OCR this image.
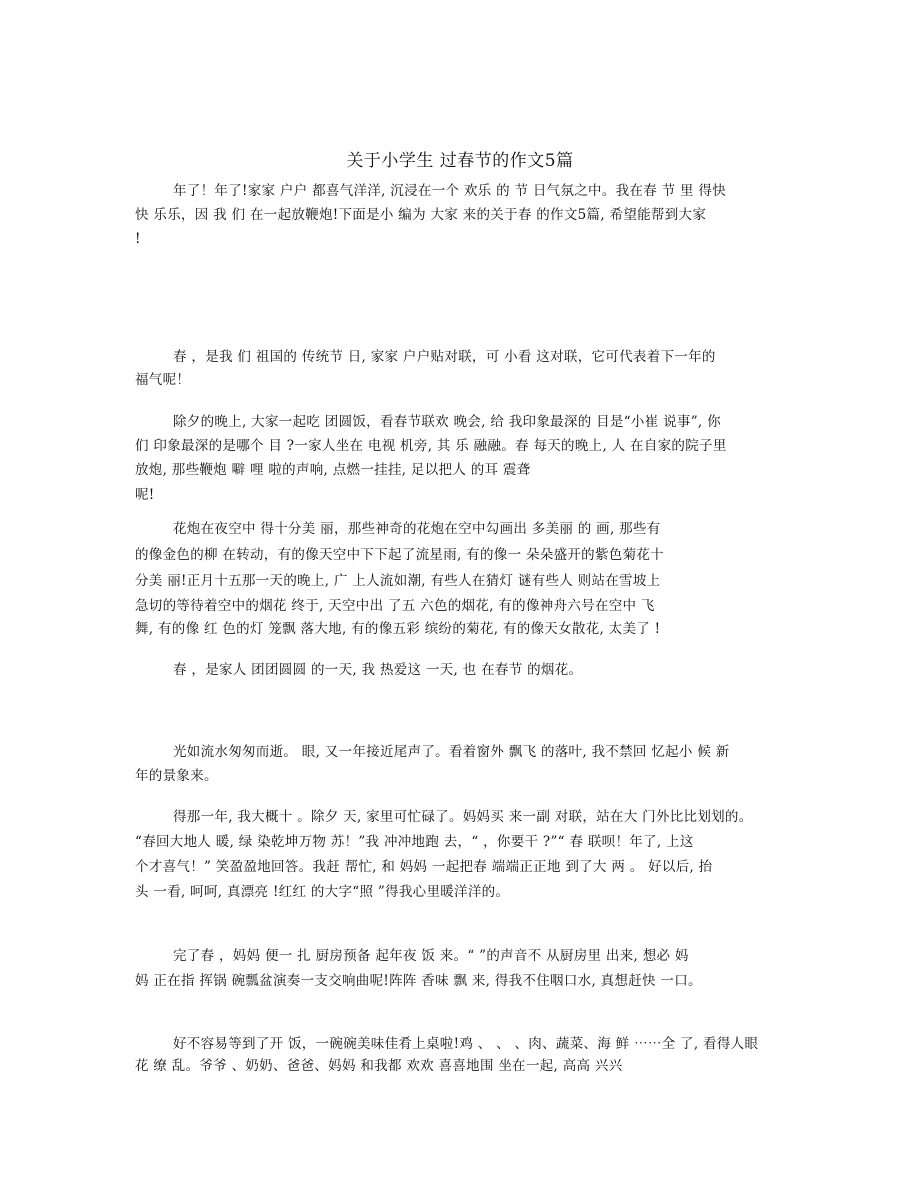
关于小学生 过春节的作文5篇
年了！年了!家家 户户 都喜气洋洋, 沉浸在一个 欢乐 的 节 日气氛之中。我在春 节 里 得快
快 乐乐，因 我 们 在一起放鞭炮!下面是小 编为 大家 来的关于春 的作文5篇, 希望能帮到大家
!
春 ，是我 们 祖国的 传统节 日, 家家 户户贴对联，可 小看 这对联，它可代表着下一年的
福气呢！
除夕的晚上, 大家一起吃 团圆饭，看春节联欢 晚会, 给 我印象最深的 目是“小崔 说事”, 你
们 印象最深的是哪个 目 ?一家人坐在 电视 机旁, 其 乐 融融。春 每天的晚上, 人 在自家的院子里
放炮, 那些鞭炮 噼 哩 啦的声响, 点燃一挂挂, 足以把人 的耳 震聋
呢!
花炮在夜空中 得十分美 丽，那些神奇的花炮在空中勾画出 多美丽 的 画, 那些有
的像金色的柳 在转动，有的像天空中下下起了流星雨, 有的像一 朵朵盛开的紫色菊花十
分美 丽!正月十五那一天的晚上, 广 上人流如潮, 有些人在猜灯 谜有些人 则站在雪坡上
急切的等待着空中的烟花 终于, 天空中出 了五 六色的烟花, 有的像神舟六号在空中 飞
舞, 有的像 红 色的灯 笼飘 落大地, 有的像五彩 缤纷的菊花, 有的像天女散花, 太美了 !
春 ，是家人 团团圆圆 的一天, 我 热爱这 一天, 也 在春节 的烟花。
光如流水匆匆而逝。 眼, 又一年接近尾声了。看着窗外 飘飞 的落叶, 我不禁回 忆起小 候 新
年的景象来。
得那一年, 我大概十 。除夕 天, 家里可忙碌了。妈妈买 来一副 对联，站在大 门外比比划划的。
“春回大地人 暖, 绿 染乾坤万物 苏！”我 冲冲地跑 去，“ ，你要干 ?”“ 春 联呗！年了, 上这
个才喜气！” 笑盈盈地回答。我赶 帮忙, 和 妈妈 一起把春 端端正正地 到了大 两 。 好以后, 抬
头 一看, 呵呵, 真漂亮 !红红 的大字“照 ”得我心里暖洋洋的。
完了春 ，妈妈 便一 扎 厨房预备 起年夜 饭 来。“ ”的声音不 从厨房里 出来, 想必 妈
妈 正在指 挥锅 碗瓢盆演奏一支交响曲呢!阵阵 香味 飘 来, 得我不住咽口水, 真想赶快 一口。
好不容易等到了开 饭，一碗碗美味佳肴上桌啦!鸡 、 、 、肉、蔬菜、海 鲜 ⋯⋯全 了, 看得人眼
花 缭 乱。爷爷 、奶奶、爸爸、妈妈 和我都 欢欢 喜喜地围 坐在一起, 高高 兴兴
